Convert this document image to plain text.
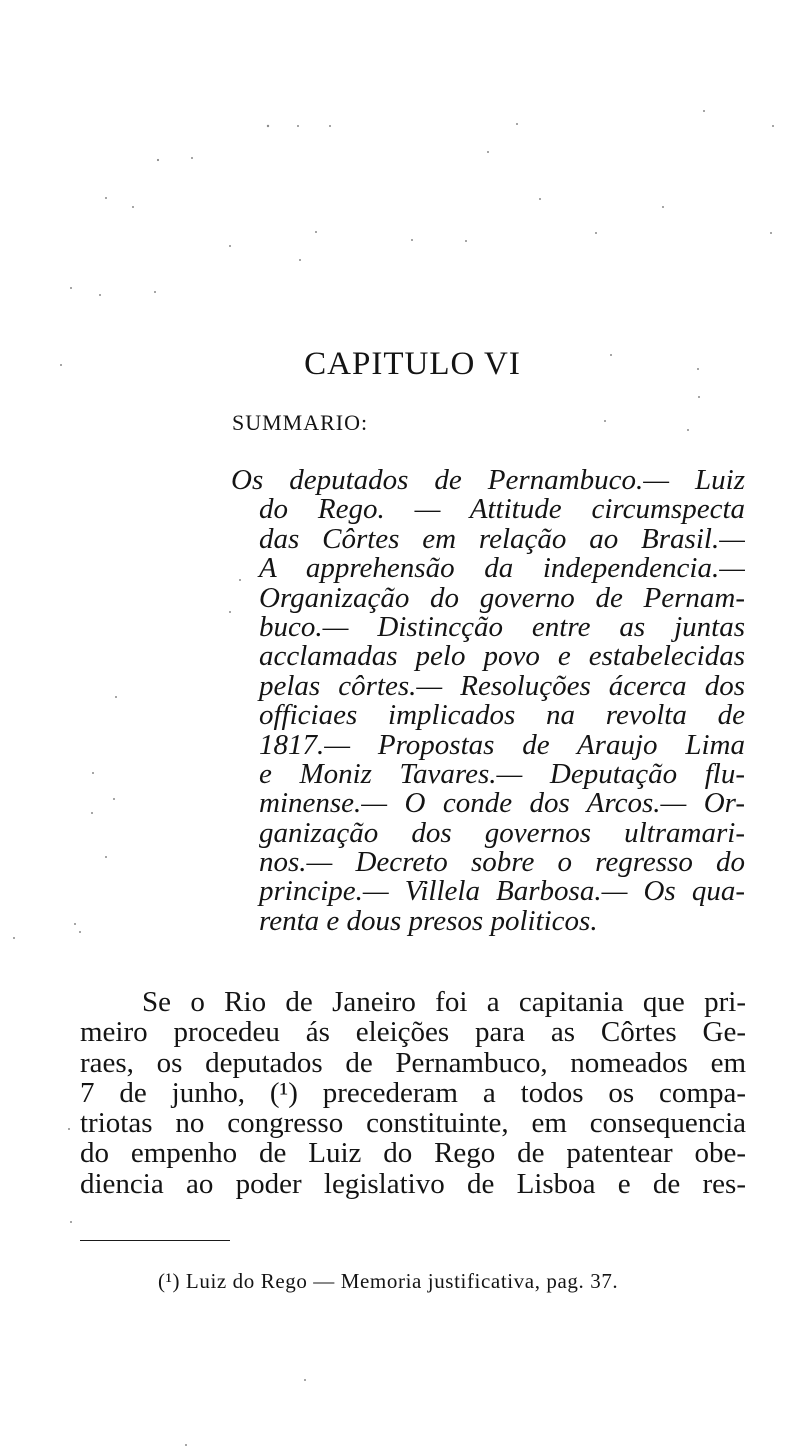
CAPITULO VI
SUMMARIO:
Os deputados de Pernambuco.— Luiz
do Rego. — Attitude circumspecta
das Côrtes em relação ao Brasil.—
A apprehensão da independencia.—
Organização do governo de Pernam-
buco.— Distincção entre as juntas
acclamadas pelo povo e estabelecidas
pelas côrtes.— Resoluções ácerca dos
officiaes implicados na revolta de
1817.— Propostas de Araujo Lima
e Moniz Tavares.— Deputação flu-
minense.— O conde dos Arcos.— Or-
ganização dos governos ultramari-
nos.— Decreto sobre o regresso do
principe.— Villela Barbosa.— Os qua-
renta e dous presos politicos.
Se o Rio de Janeiro foi a capitania que pri-
meiro procedeu ás eleições para as Côrtes Ge-
raes, os deputados de Pernambuco, nomeados em
7 de junho, (¹) precederam a todos os compa-
triotas no congresso constituinte, em consequencia
do empenho de Luiz do Rego de patentear obe-
diencia ao poder legislativo de Lisboa e de res-
(¹) Luiz do Rego — Memoria justificativa, pag. 37.
